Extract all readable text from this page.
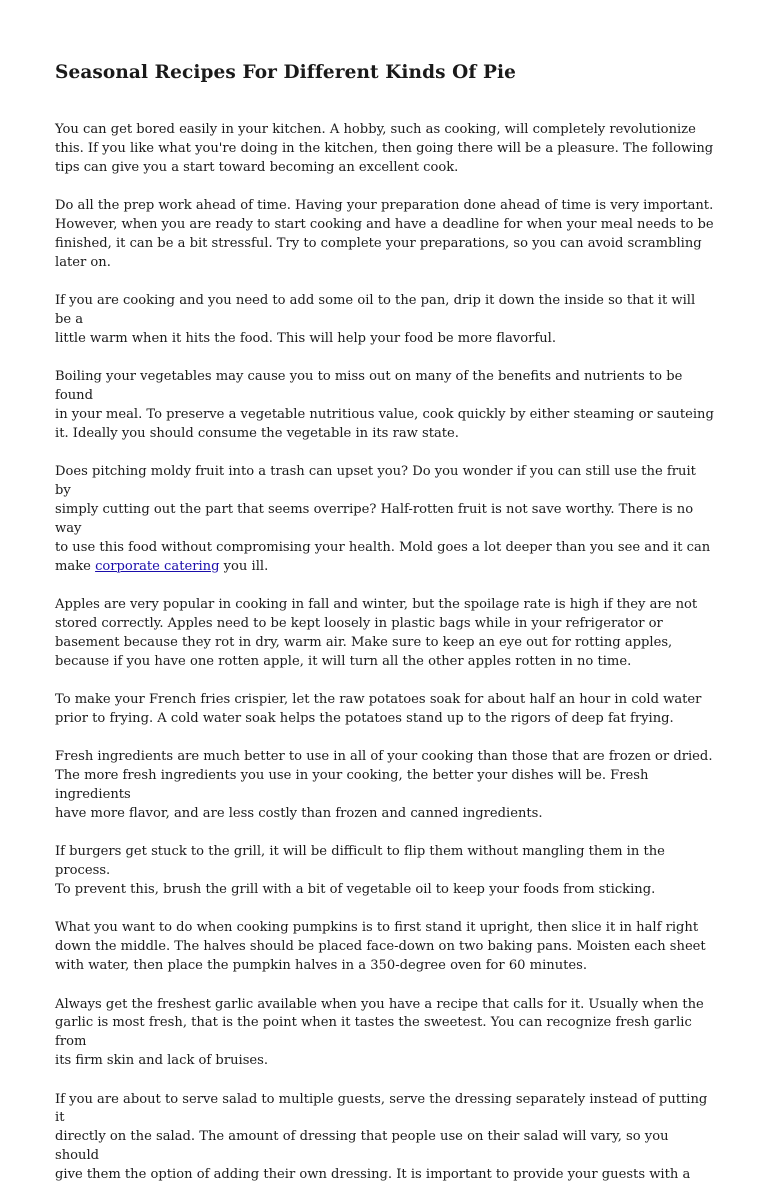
Seasonal Recipes For Different Kinds Of Pie

You can get bored easily in your kitchen. A hobby, such as cooking, will completely revolutionize
this. If you like what you're doing in the kitchen, then going there will be a pleasure. The following
tips can give you a start toward becoming an excellent cook.

Do all the prep work ahead of time. Having your preparation done ahead of time is very important.
However, when you are ready to start cooking and have a deadline for when your meal needs to be
finished, it can be a bit stressful. Try to complete your preparations, so you can avoid scrambling
later on.

If you are cooking and you need to add some oil to the pan, drip it down the inside so that it will be a
little warm when it hits the food. This will help your food be more flavorful.

Boiling your vegetables may cause you to miss out on many of the benefits and nutrients to be found
in your meal. To preserve a vegetable nutritious value, cook quickly by either steaming or sauteing
it. Ideally you should consume the vegetable in its raw state.

Does pitching moldy fruit into a trash can upset you? Do you wonder if you can still use the fruit by
simply cutting out the part that seems overripe? Half-rotten fruit is not save worthy. There is no way
to use this food without compromising your health. Mold goes a lot deeper than you see and it can
make corporate catering you ill.

Apples are very popular in cooking in fall and winter, but the spoilage rate is high if they are not
stored correctly. Apples need to be kept loosely in plastic bags while in your refrigerator or
basement because they rot in dry, warm air. Make sure to keep an eye out for rotting apples,
because if you have one rotten apple, it will turn all the other apples rotten in no time.

To make your French fries crispier, let the raw potatoes soak for about half an hour in cold water
prior to frying. A cold water soak helps the potatoes stand up to the rigors of deep fat frying.

Fresh ingredients are much better to use in all of your cooking than those that are frozen or dried.
The more fresh ingredients you use in your cooking, the better your dishes will be. Fresh ingredients
have more flavor, and are less costly than frozen and canned ingredients.

If burgers get stuck to the grill, it will be difficult to flip them without mangling them in the process.
To prevent this, brush the grill with a bit of vegetable oil to keep your foods from sticking.

What you want to do when cooking pumpkins is to first stand it upright, then slice it in half right
down the middle. The halves should be placed face-down on two baking pans. Moisten each sheet
with water, then place the pumpkin halves in a 350-degree oven for 60 minutes.

Always get the freshest garlic available when you have a recipe that calls for it. Usually when the
garlic is most fresh, that is the point when it tastes the sweetest. You can recognize fresh garlic from
its firm skin and lack of bruises.

If you are about to serve salad to multiple guests, serve the dressing separately instead of putting it
directly on the salad. The amount of dressing that people use on their salad will vary, so you should
give them the option of adding their own dressing. It is important to provide your guests with a
